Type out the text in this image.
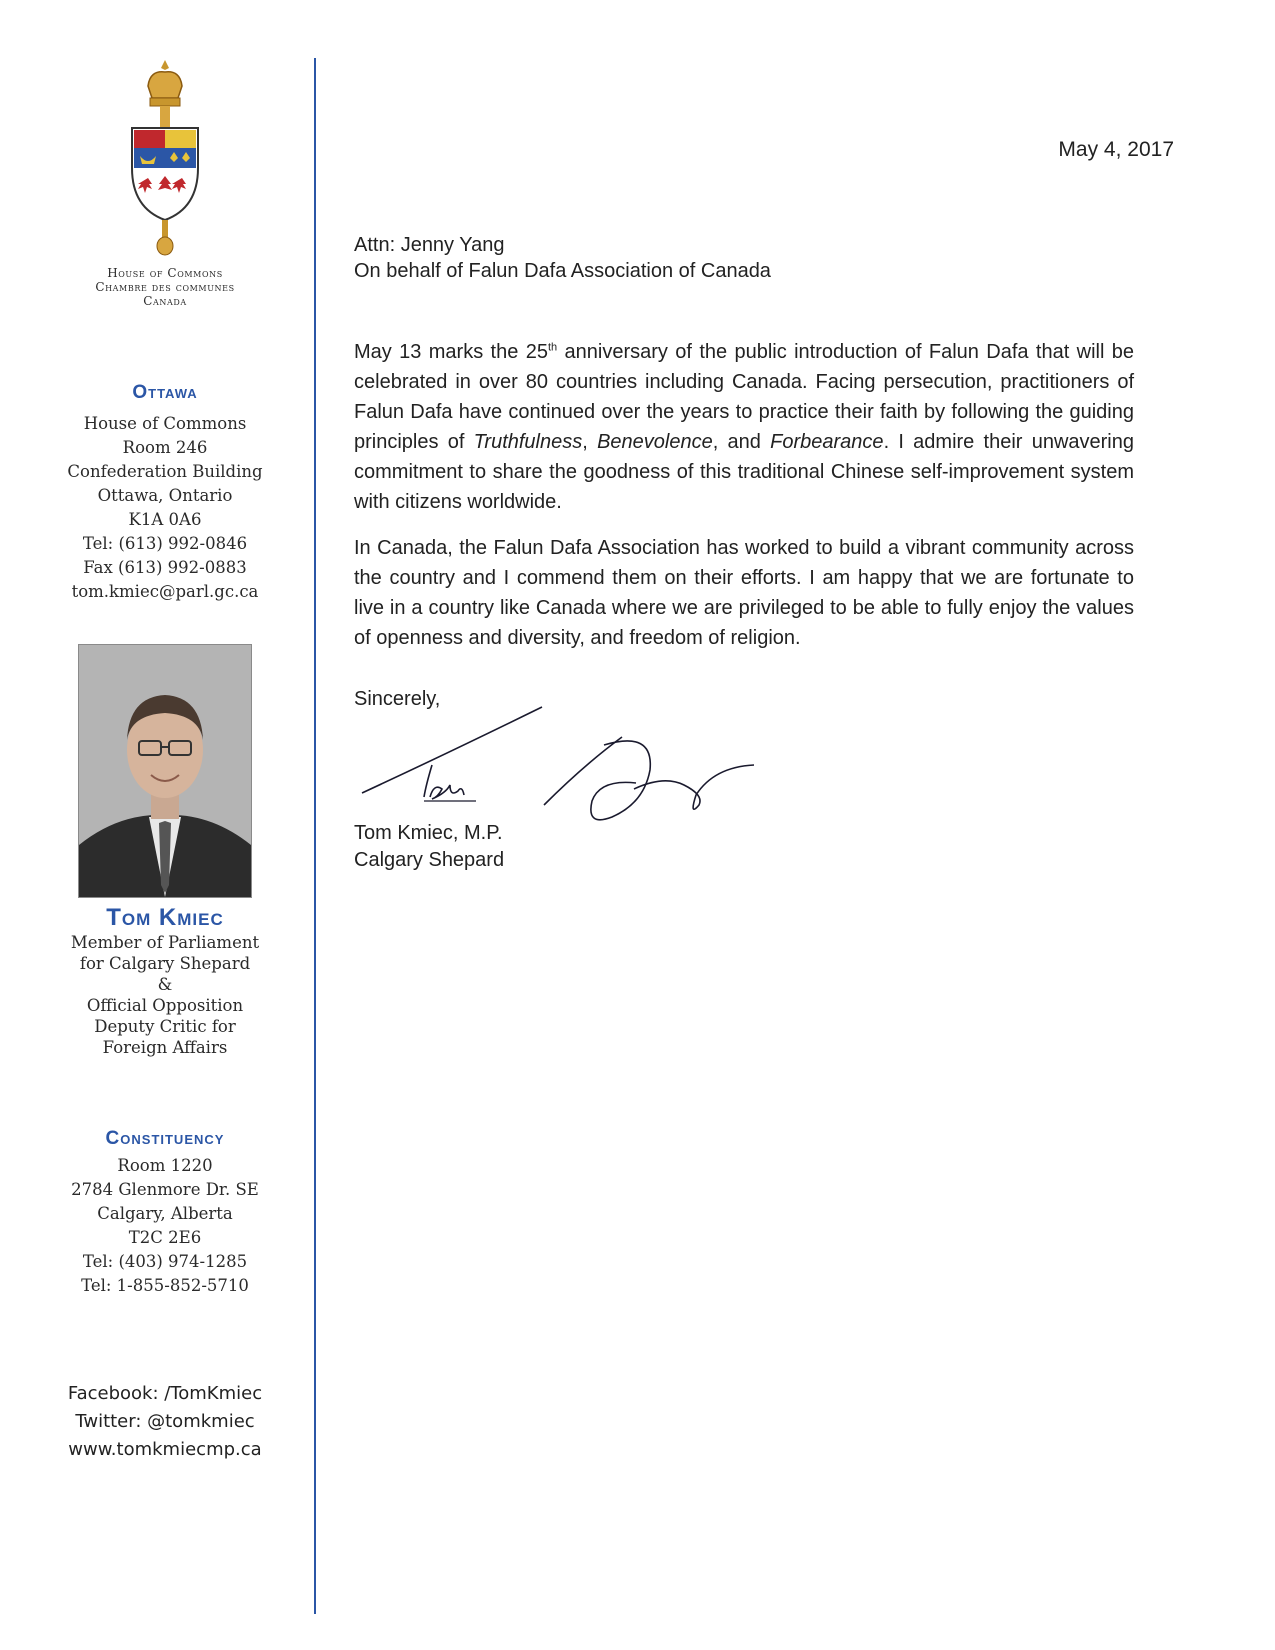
House of Commons
Chambre des communes
Canada
Ottawa
House of Commons
Room 246
Confederation Building
Ottawa, Ontario
K1A 0A6
Tel: (613) 992-0846
Fax (613) 992-0883
tom.kmiec@parl.gc.ca
Tom Kmiec
Member of Parliament
for Calgary Shepard
&
Official Opposition
Deputy Critic for
Foreign Affairs
Constituency
Room 1220
2784 Glenmore Dr. SE
Calgary, Alberta
T2C 2E6
Tel: (403) 974-1285
Tel: 1-855-852-5710
Facebook: /TomKmiec
Twitter: @tomkmiec
www.tomkmiecmp.ca
May 4, 2017
Attn: Jenny Yang
On behalf of Falun Dafa Association of Canada

May 13 marks the 25th anniversary of the public introduction of Falun Dafa that will be celebrated in over 80 countries including Canada. Facing persecution, practitioners of Falun Dafa have continued over the years to practice their faith by following the guiding principles of Truthfulness, Benevolence, and Forbearance. I admire their unwavering commitment to share the goodness of this traditional Chinese self-improvement system with citizens worldwide.

In Canada, the Falun Dafa Association has worked to build a vibrant community across the country and I commend them on their efforts. I am happy that we are fortunate to live in a country like Canada where we are privileged to be able to fully enjoy the values of openness and diversity, and freedom of religion.

Sincerely,
Tom Kmiec, M.P.
Calgary Shepard
